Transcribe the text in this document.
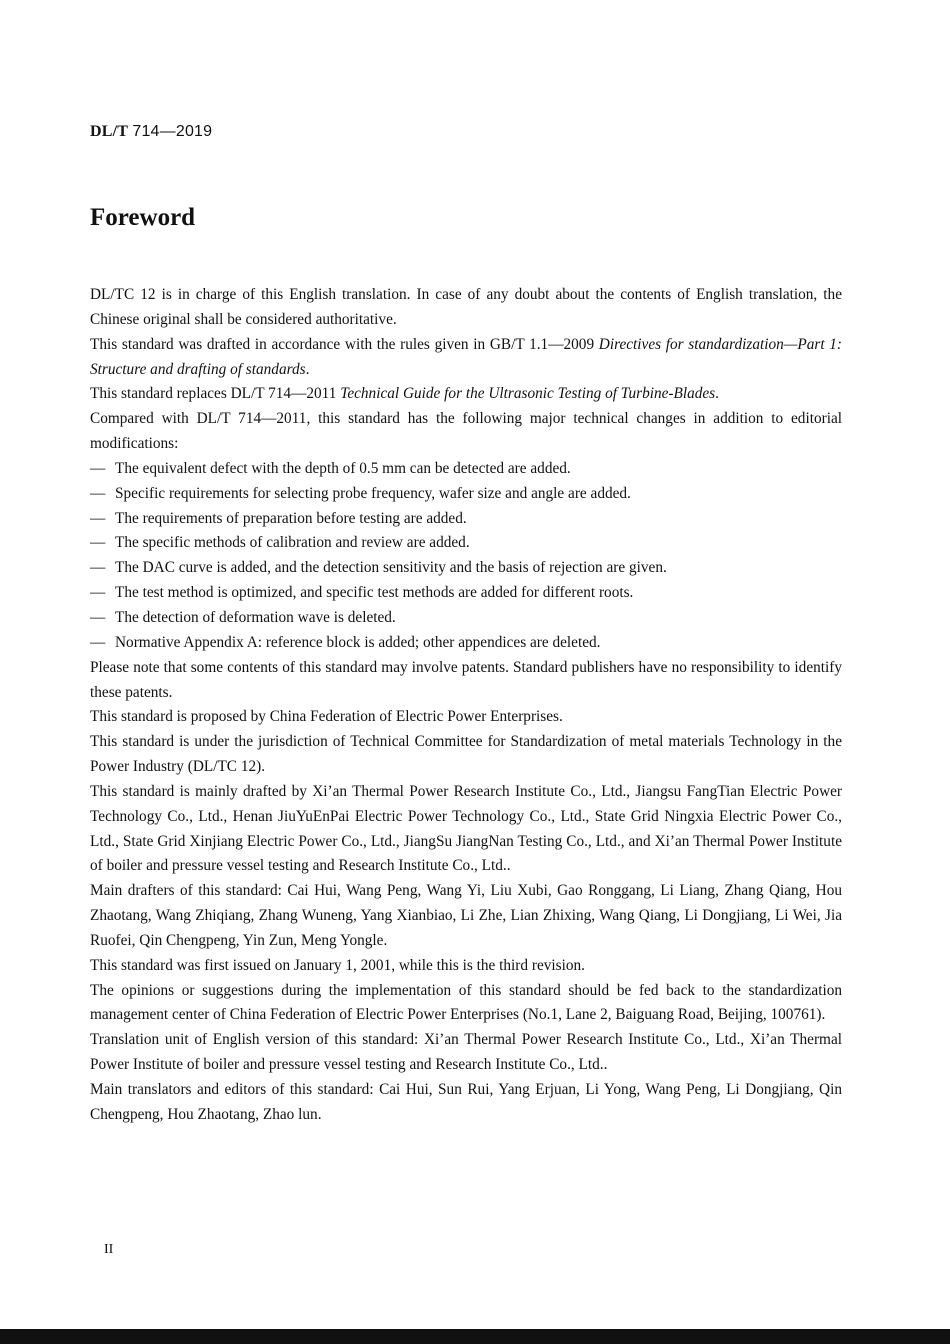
DL/T 714—2019
Foreword

DL/TC 12 is in charge of this English translation. In case of any doubt about the contents of English translation, the Chinese original shall be considered authoritative.

This standard was drafted in accordance with the rules given in GB/T 1.1—2009 Directives for standardization—Part 1: Structure and drafting of standards.

This standard replaces DL/T 714—2011 Technical Guide for the Ultrasonic Testing of Turbine-Blades.

Compared with DL/T 714—2011, this standard has the following major technical changes in addition to editorial modifications:

— The equivalent defect with the depth of 0.5 mm can be detected are added.

— Specific requirements for selecting probe frequency, wafer size and angle are added.

— The requirements of preparation before testing are added.

— The specific methods of calibration and review are added.

— The DAC curve is added, and the detection sensitivity and the basis of rejection are given.

— The test method is optimized, and specific test methods are added for different roots.

— The detection of deformation wave is deleted.

— Normative Appendix A: reference block is added; other appendices are deleted.

Please note that some contents of this standard may involve patents. Standard publishers have no responsibility to identify these patents.

This standard is proposed by China Federation of Electric Power Enterprises.

This standard is under the jurisdiction of Technical Committee for Standardization of metal materials Technology in the Power Industry (DL/TC 12).

This standard is mainly drafted by Xi’an Thermal Power Research Institute Co., Ltd., Jiangsu FangTian Electric Power Technology Co., Ltd., Henan JiuYuEnPai Electric Power Technology Co., Ltd., State Grid Ningxia Electric Power Co., Ltd., State Grid Xinjiang Electric Power Co., Ltd., JiangSu JiangNan Testing Co., Ltd., and Xi’an Thermal Power Institute of boiler and pressure vessel testing and Research Institute Co., Ltd..

Main drafters of this standard: Cai Hui, Wang Peng, Wang Yi, Liu Xubi, Gao Ronggang, Li Liang, Zhang Qiang, Hou Zhaotang, Wang Zhiqiang, Zhang Wuneng, Yang Xianbiao, Li Zhe, Lian Zhixing, Wang Qiang, Li Dongjiang, Li Wei, Jia Ruofei, Qin Chengpeng, Yin Zun, Meng Yongle.

This standard was first issued on January 1, 2001, while this is the third revision.

The opinions or suggestions during the implementation of this standard should be fed back to the standardization management center of China Federation of Electric Power Enterprises (No.1, Lane 2, Baiguang Road, Beijing, 100761).

Translation unit of English version of this standard: Xi’an Thermal Power Research Institute Co., Ltd., Xi’an Thermal Power Institute of boiler and pressure vessel testing and Research Institute Co., Ltd..

Main translators and editors of this standard: Cai Hui, Sun Rui, Yang Erjuan, Li Yong, Wang Peng, Li Dongjiang, Qin Chengpeng, Hou Zhaotang, Zhao lun.

II
